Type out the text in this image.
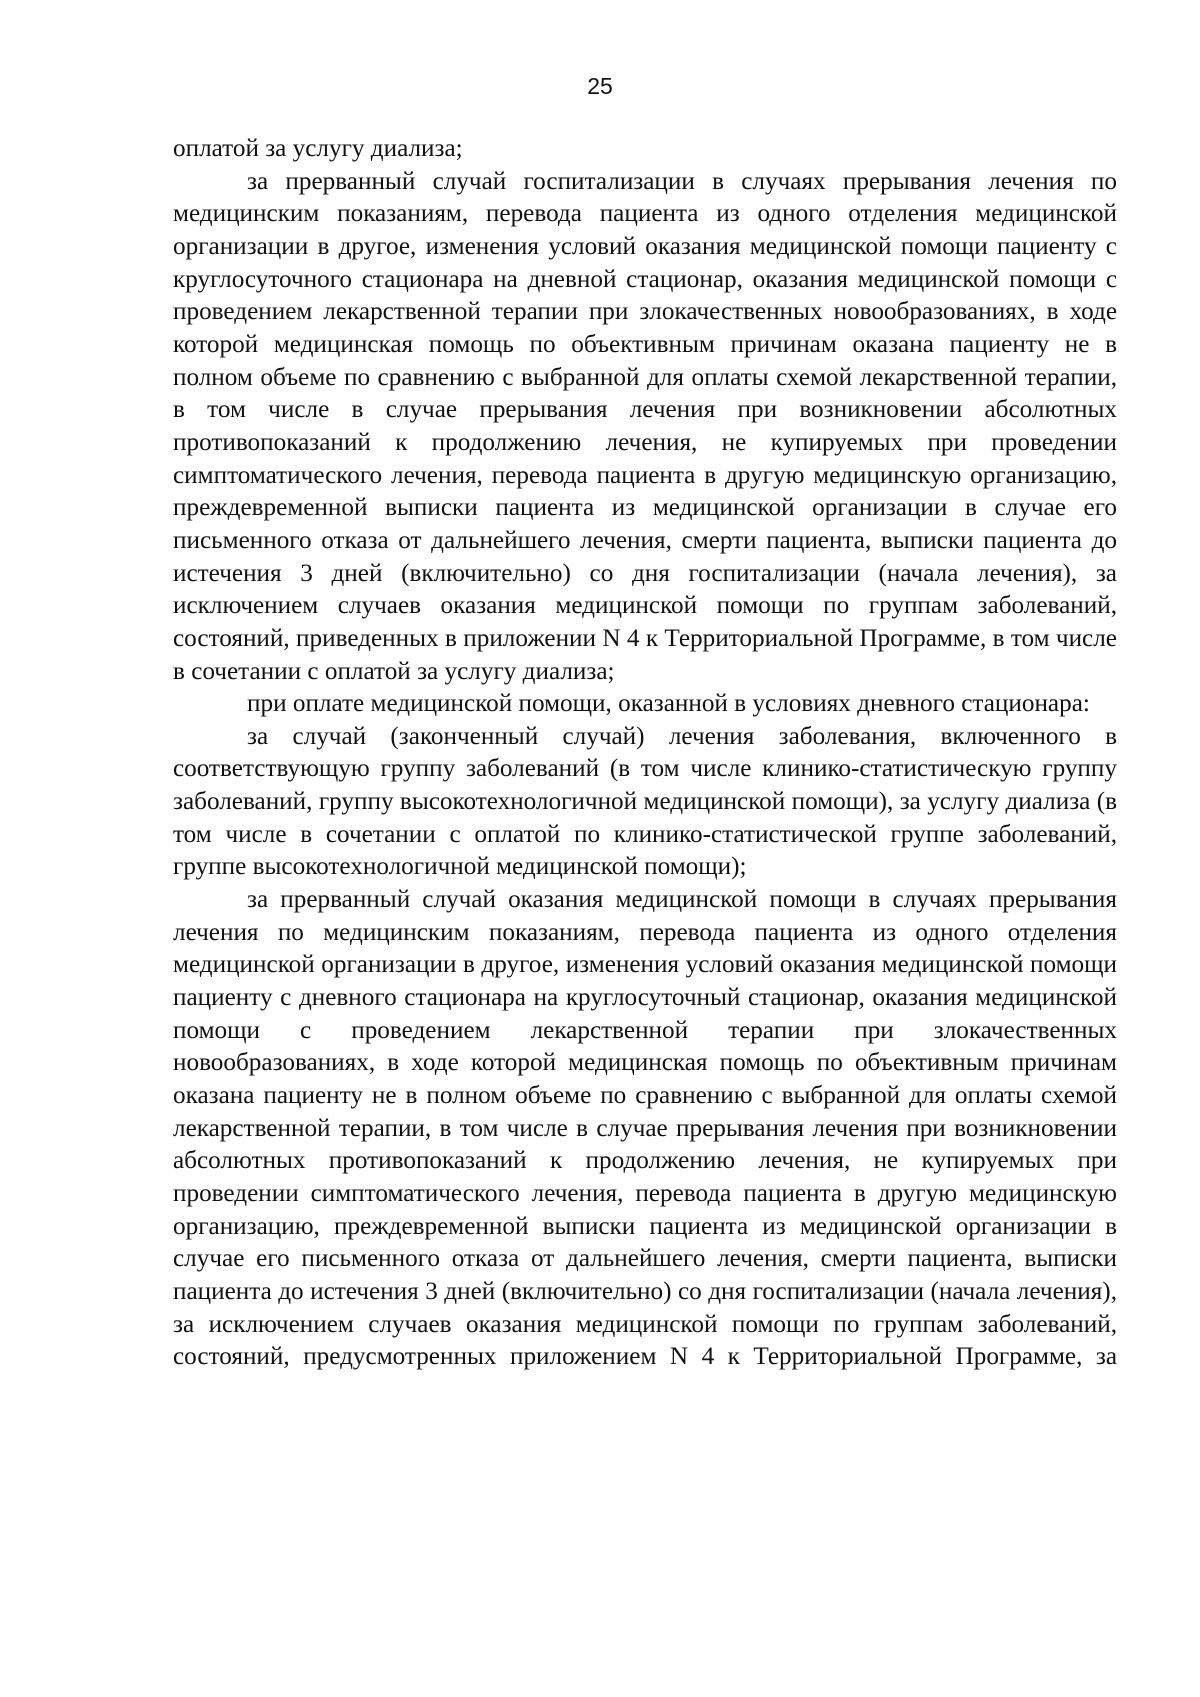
25

оплатой за услугу диализа;

за прерванный случай госпитализации в случаях прерывания лечения по медицинским показаниям, перевода пациента из одного отделения медицинской организации в другое, изменения условий оказания медицинской помощи пациенту с круглосуточного стационара на дневной стационар, оказания медицинской помощи с проведением лекарственной терапии при злокачественных новообразованиях, в ходе которой медицинская помощь по объективным причинам оказана пациенту не в полном объеме по сравнению с выбранной для оплаты схемой лекарственной терапии, в том числе в случае прерывания лечения при возникновении абсолютных противопоказаний к продолжению лечения, не купируемых при проведении симптоматического лечения, перевода пациента в другую медицинскую организацию, преждевременной выписки пациента из медицинской организации в случае его письменного отказа от дальнейшего лечения, смерти пациента, выписки пациента до истечения 3 дней (включительно) со дня госпитализации (начала лечения), за исключением случаев оказания медицинской помощи по группам заболеваний, состояний, приведенных в приложении N 4 к Территориальной Программе, в том числе в сочетании с оплатой за услугу диализа;

при оплате медицинской помощи, оказанной в условиях дневного стационара:

за случай (законченный случай) лечения заболевания, включенного в соответствующую группу заболеваний (в том числе клинико-статистическую группу заболеваний, группу высокотехнологичной медицинской помощи), за услугу диализа (в том числе в сочетании с оплатой по клинико-статистической группе заболеваний, группе высокотехнологичной медицинской помощи);

за прерванный случай оказания медицинской помощи в случаях прерывания лечения по медицинским показаниям, перевода пациента из одного отделения медицинской организации в другое, изменения условий оказания медицинской помощи пациенту с дневного стационара на круглосуточный стационар, оказания медицинской помощи с проведением лекарственной терапии при злокачественных новообразованиях, в ходе которой медицинская помощь по объективным причинам оказана пациенту не в полном объеме по сравнению с выбранной для оплаты схемой лекарственной терапии, в том числе в случае прерывания лечения при возникновении абсолютных противопоказаний к продолжению лечения, не купируемых при проведении симптоматического лечения, перевода пациента в другую медицинскую организацию, преждевременной выписки пациента из медицинской организации в случае его письменного отказа от дальнейшего лечения, смерти пациента, выписки пациента до истечения 3 дней (включительно) со дня госпитализации (начала лечения), за исключением случаев оказания медицинской помощи по группам заболеваний, состояний, предусмотренных приложением N 4 к Территориальной Программе, за
